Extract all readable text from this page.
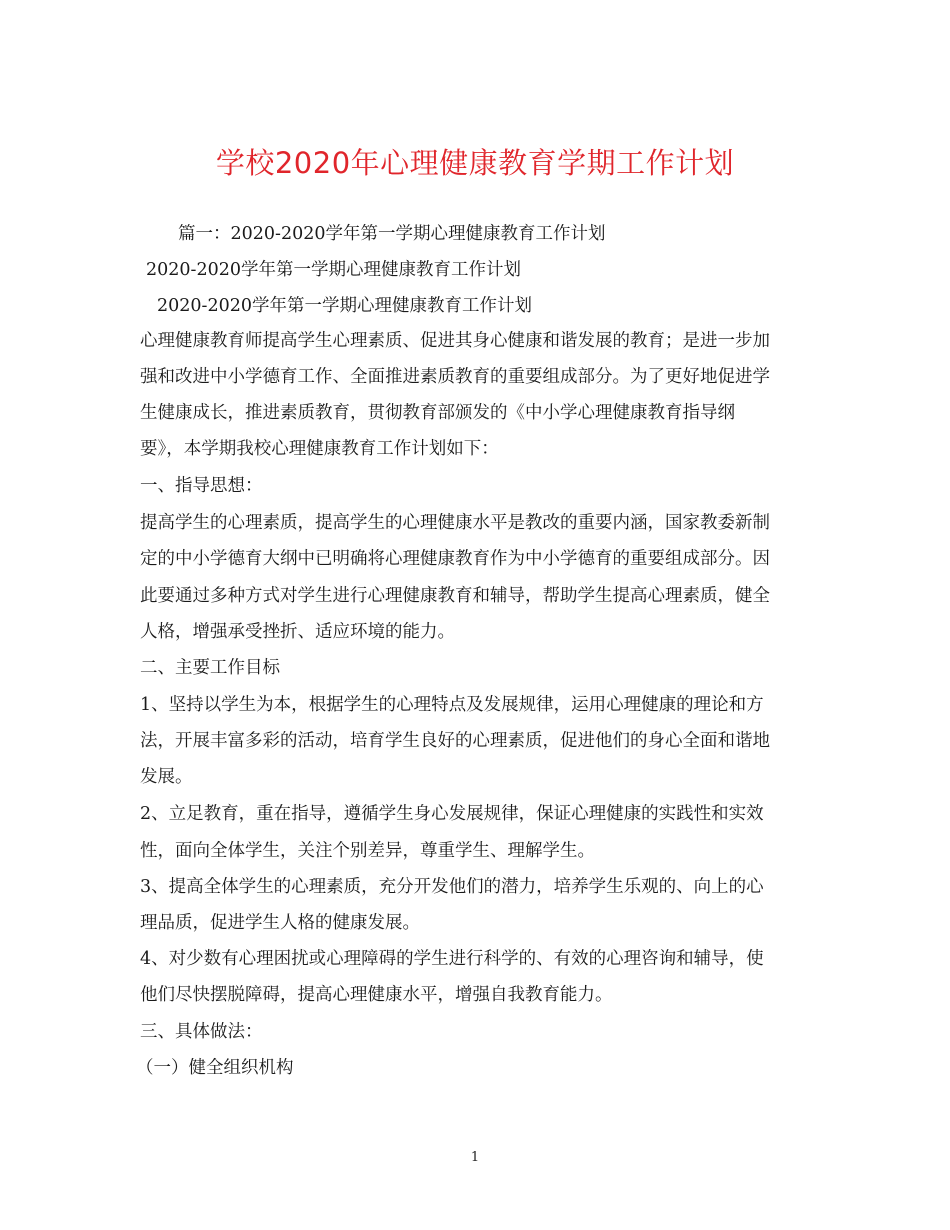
学校2020年心理健康教育学期工作计划
篇一：2020-2020学年第一学期心理健康教育工作计划
2020-2020学年第一学期心理健康教育工作计划
2020-2020学年第一学期心理健康教育工作计划
心理健康教育师提高学生心理素质、促进其身心健康和谐发展的教育；是进一步加
强和改进中小学德育工作、全面推进素质教育的重要组成部分。为了更好地促进学
生健康成长，推进素质教育，贯彻教育部颁发的《中小学心理健康教育指导纲
要》，本学期我校心理健康教育工作计划如下：
一、指导思想：
提高学生的心理素质，提高学生的心理健康水平是教改的重要内涵，国家教委新制
定的中小学德育大纲中已明确将心理健康教育作为中小学德育的重要组成部分。因
此要通过多种方式对学生进行心理健康教育和辅导，帮助学生提高心理素质，健全
人格，增强承受挫折、适应环境的能力。
二、主要工作目标
1、坚持以学生为本，根据学生的心理特点及发展规律，运用心理健康的理论和方
法，开展丰富多彩的活动，培育学生良好的心理素质，促进他们的身心全面和谐地
发展。
2、立足教育，重在指导，遵循学生身心发展规律，保证心理健康的实践性和实效
性，面向全体学生，关注个别差异，尊重学生、理解学生。
3、提高全体学生的心理素质，充分开发他们的潜力，培养学生乐观的、向上的心
理品质，促进学生人格的健康发展。
4、对少数有心理困扰或心理障碍的学生进行科学的、有效的心理咨询和辅导，使
他们尽快摆脱障碍，提高心理健康水平，增强自我教育能力。
三、具体做法：
（一）健全组织机构
1
